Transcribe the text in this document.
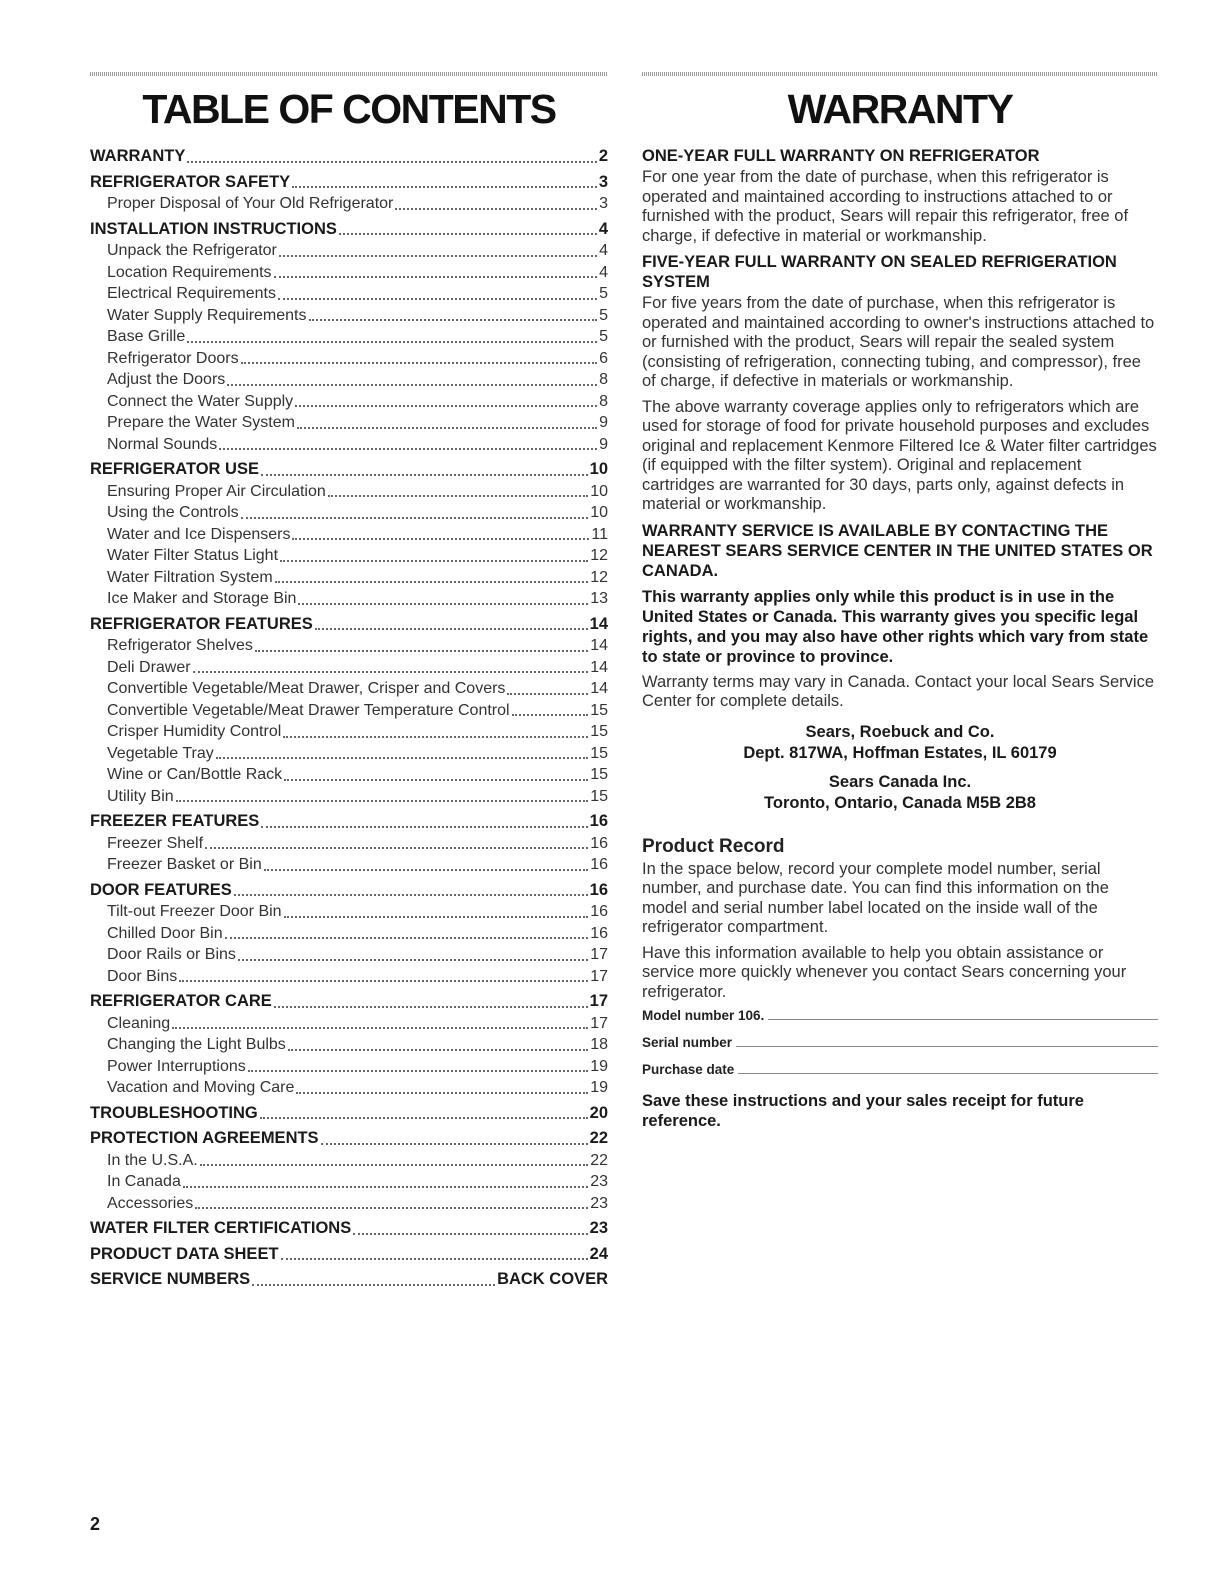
TABLE OF CONTENTS
WARRANTY	2
REFRIGERATOR SAFETY	3
Proper Disposal of Your Old Refrigerator	3
INSTALLATION INSTRUCTIONS	4
Unpack the Refrigerator	4
Location Requirements	4
Electrical Requirements	5
Water Supply Requirements	5
Base Grille	5
Refrigerator Doors	6
Adjust the Doors	8
Connect the Water Supply	8
Prepare the Water System	9
Normal Sounds	9
REFRIGERATOR USE	10
Ensuring Proper Air Circulation	10
Using the Controls	10
Water and Ice Dispensers	11
Water Filter Status Light	12
Water Filtration System	12
Ice Maker and Storage Bin	13
REFRIGERATOR FEATURES	14
Refrigerator Shelves	14
Deli Drawer	14
Convertible Vegetable/Meat Drawer, Crisper and Covers	14
Convertible Vegetable/Meat Drawer Temperature Control	15
Crisper Humidity Control	15
Vegetable Tray	15
Wine or Can/Bottle Rack	15
Utility Bin	15
FREEZER FEATURES	16
Freezer Shelf	16
Freezer Basket or Bin	16
DOOR FEATURES	16
Tilt-out Freezer Door Bin	16
Chilled Door Bin	16
Door Rails or Bins	17
Door Bins	17
REFRIGERATOR CARE	17
Cleaning	17
Changing the Light Bulbs	18
Power Interruptions	19
Vacation and Moving Care	19
TROUBLESHOOTING	20
PROTECTION AGREEMENTS	22
In the U.S.A.	22
In Canada	23
Accessories	23
WATER FILTER CERTIFICATIONS	23
PRODUCT DATA SHEET	24
SERVICE NUMBERS	BACK COVER
WARRANTY

ONE-YEAR FULL WARRANTY ON REFRIGERATOR

For one year from the date of purchase, when this refrigerator is operated and maintained according to instructions attached to or furnished with the product, Sears will repair this refrigerator, free of charge, if defective in material or workmanship.

FIVE-YEAR FULL WARRANTY ON SEALED REFRIGERATION SYSTEM

For five years from the date of purchase, when this refrigerator is operated and maintained according to owner's instructions attached to or furnished with the product, Sears will repair the sealed system (consisting of refrigeration, connecting tubing, and compressor), free of charge, if defective in materials or workmanship.

The above warranty coverage applies only to refrigerators which are used for storage of food for private household purposes and excludes original and replacement Kenmore Filtered Ice & Water filter cartridges (if equipped with the filter system). Original and replacement cartridges are warranted for 30 days, parts only, against defects in material or workmanship.

WARRANTY SERVICE IS AVAILABLE BY CONTACTING THE NEAREST SEARS SERVICE CENTER IN THE UNITED STATES OR CANADA.

This warranty applies only while this product is in use in the United States or Canada. This warranty gives you specific legal rights, and you may also have other rights which vary from state to state or province to province.

Warranty terms may vary in Canada. Contact your local Sears Service Center for complete details.

Sears, Roebuck and Co.

Dept. 817WA, Hoffman Estates, IL 60179

Sears Canada Inc.

Toronto, Ontario, Canada M5B 2B8

Product Record

In the space below, record your complete model number, serial number, and purchase date. You can find this information on the model and serial number label located on the inside wall of the refrigerator compartment.

Have this information available to help you obtain assistance or service more quickly whenever you contact Sears concerning your refrigerator.

Model number 106.
Serial number
Purchase date

Save these instructions and your sales receipt for future reference.

2
